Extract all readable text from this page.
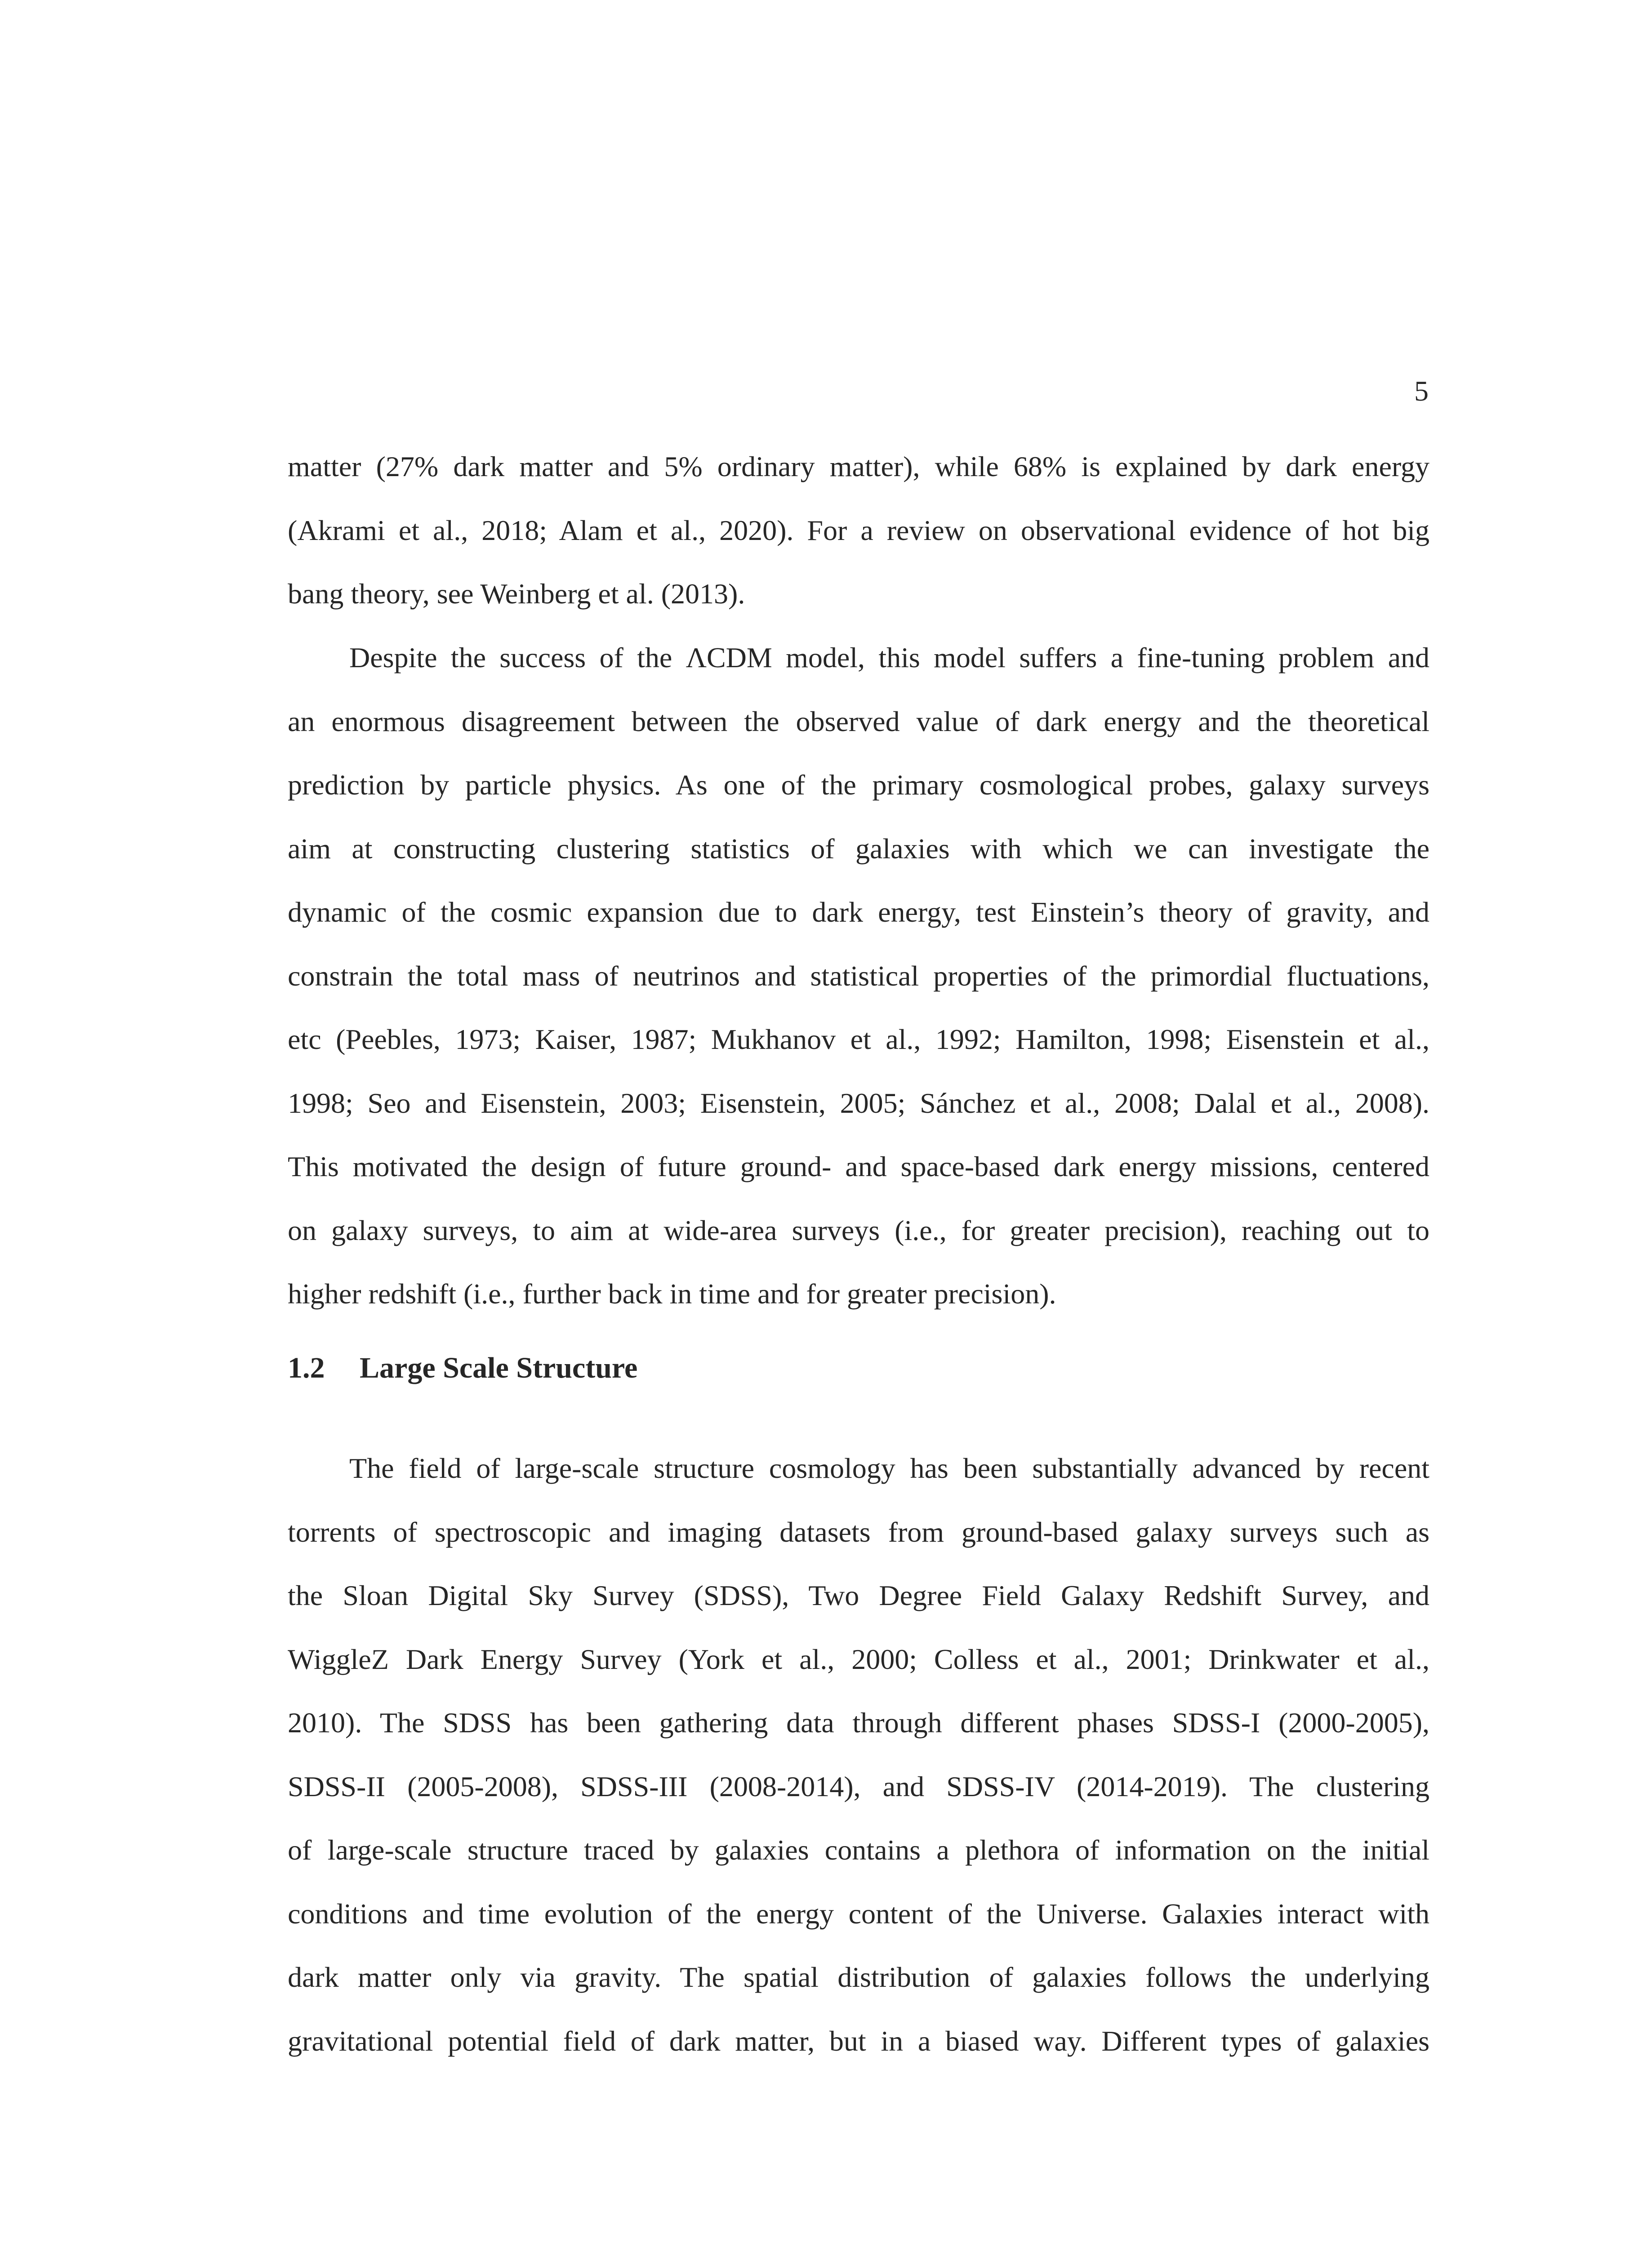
5
matter (27% dark matter and 5% ordinary matter), while 68% is explained by dark energy
(Akrami et al., 2018; Alam et al., 2020). For a review on observational evidence of hot big
bang theory, see Weinberg et al. (2013).
Despite the success of the ΛCDM model, this model suffers a fine-tuning problem and
an enormous disagreement between the observed value of dark energy and the theoretical
prediction by particle physics. As one of the primary cosmological probes, galaxy surveys
aim at constructing clustering statistics of galaxies with which we can investigate the
dynamic of the cosmic expansion due to dark energy, test Einstein’s theory of gravity, and
constrain the total mass of neutrinos and statistical properties of the primordial fluctuations,
etc (Peebles, 1973; Kaiser, 1987; Mukhanov et al., 1992; Hamilton, 1998; Eisenstein et al.,
1998; Seo and Eisenstein, 2003; Eisenstein, 2005; Sánchez et al., 2008; Dalal et al., 2008).
This motivated the design of future ground- and space-based dark energy missions, centered
on galaxy surveys, to aim at wide-area surveys (i.e., for greater precision), reaching out to
higher redshift (i.e., further back in time and for greater precision).
1.2 Large Scale Structure
The field of large-scale structure cosmology has been substantially advanced by recent
torrents of spectroscopic and imaging datasets from ground-based galaxy surveys such as
the Sloan Digital Sky Survey (SDSS), Two Degree Field Galaxy Redshift Survey, and
WiggleZ Dark Energy Survey (York et al., 2000; Colless et al., 2001; Drinkwater et al.,
2010). The SDSS has been gathering data through different phases SDSS-I (2000-2005),
SDSS-II (2005-2008), SDSS-III (2008-2014), and SDSS-IV (2014-2019). The clustering
of large-scale structure traced by galaxies contains a plethora of information on the initial
conditions and time evolution of the energy content of the Universe. Galaxies interact with
dark matter only via gravity. The spatial distribution of galaxies follows the underlying
gravitational potential field of dark matter, but in a biased way. Different types of galaxies
